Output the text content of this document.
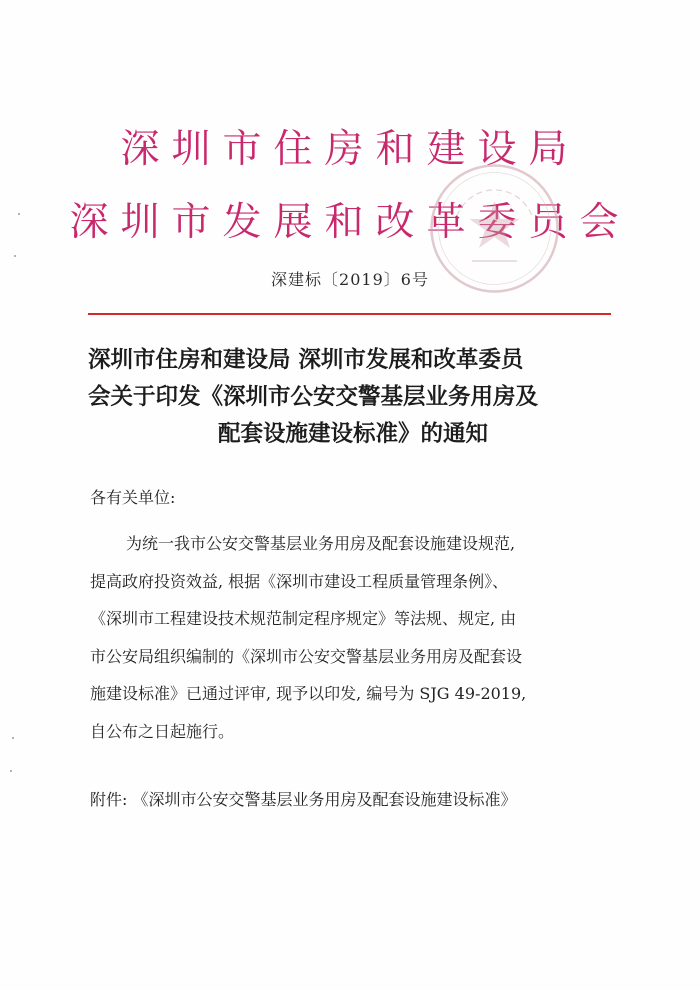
深圳市住房和建设局
深圳市发展和改革委员会
深建标〔2019〕6号
深圳市住房和建设局 深圳市发展和改革委员
会关于印发《深圳市公安交警基层业务用房及
配套设施建设标准》的通知
各有关单位:
为统一我市公安交警基层业务用房及配套设施建设规范,
提高政府投资效益, 根据《深圳市建设工程质量管理条例》、
《深圳市工程建设技术规范制定程序规定》等法规、规定, 由
市公安局组织编制的《深圳市公安交警基层业务用房及配套设
施建设标准》已通过评审, 现予以印发, 编号为 SJG 49-2019,
自公布之日起施行。
附件: 《深圳市公安交警基层业务用房及配套设施建设标准》
